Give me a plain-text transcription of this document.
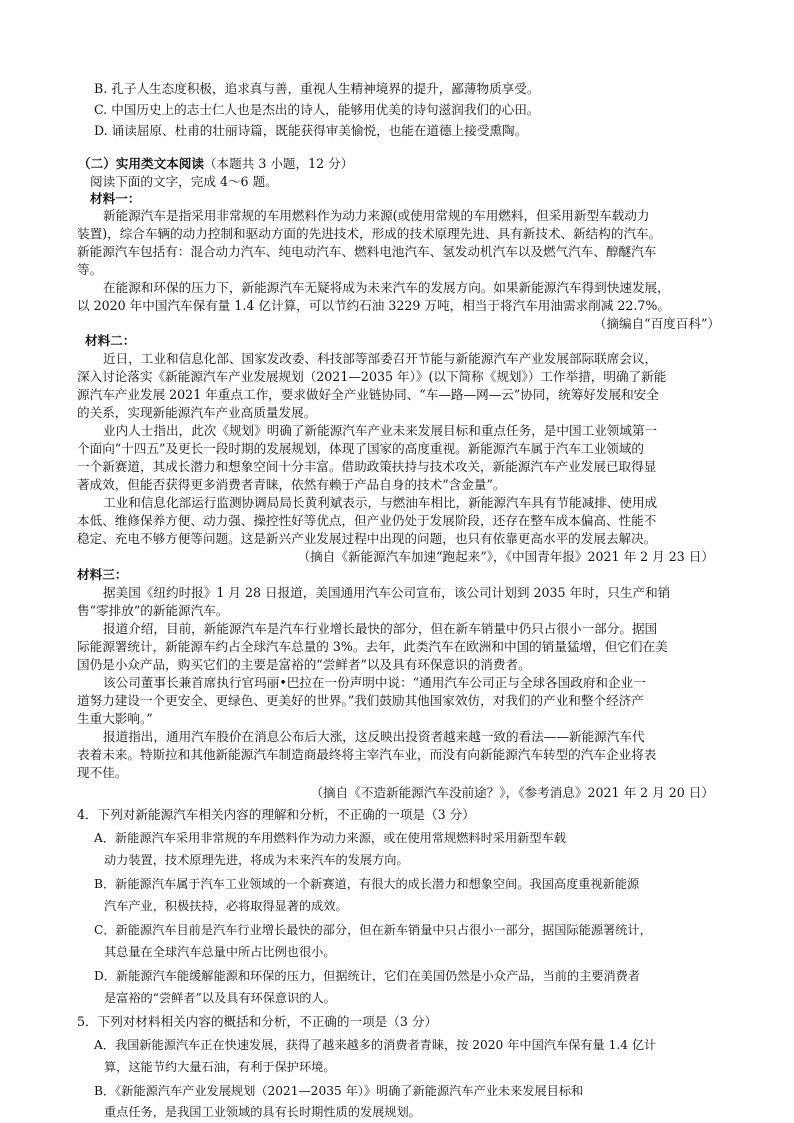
B. 孔子人生态度积极，追求真与善，重视人生精神境界的提升，鄙薄物质享受。
C. 中国历史上的志士仁人也是杰出的诗人，能够用优美的诗句滋润我们的心田。
D. 诵读屈原、杜甫的壮丽诗篇，既能获得审美愉悦，也能在道德上接受熏陶。
（二）实用类文本阅读（本题共 3 小题，12 分）
阅读下面的文字，完成 4～6 题。
材料一：
新能源汽车是指采用非常规的车用燃料作为动力来源(或使用常规的车用燃料，但采用新型车载动力
装置)，综合车辆的动力控制和驱动方面的先进技术，形成的技术原理先进、具有新技术、新结构的汽车。
新能源汽车包括有：混合动力汽车、纯电动汽车、燃料电池汽车、氢发动机汽车以及燃气汽车、醇醚汽车
等。
在能源和环保的压力下，新能源汽车无疑将成为未来汽车的发展方向。如果新能源汽车得到快速发展，
以 2020 年中国汽车保有量 1.4 亿计算，可以节约石油 3229 万吨，相当于将汽车用油需求削减 22.7%。
（摘编自“百度百科”）
材料二：
近日，工业和信息化部、国家发改委、科技部等部委召开节能与新能源汽车产业发展部际联席会议，
深入讨论落实《新能源汽车产业发展规划（2021—2035 年）》(以下简称《规划》）工作举措，明确了新能
源汽车产业发展 2021 年重点工作，要求做好全产业链协同、“车—路—网—云”协同，统筹好发展和安全
的关系，实现新能源汽车产业高质量发展。
业内人士指出，此次《规划》明确了新能源汽车产业未来发展目标和重点任务，是中国工业领域第一
个面向“十四五”及更长一段时期的发展规划，体现了国家的高度重视。新能源汽车属于汽车工业领域的
一个新赛道，其成长潜力和想象空间十分丰富。借助政策扶持与技术攻关，新能源汽车产业发展已取得显
著成效，但能否获得更多消费者青睐，依然有赖于产品自身的技术“含金量”。
工业和信息化部运行监测协调局局长黄利斌表示，与燃油车相比，新能源汽车具有节能减排、使用成
本低、维修保养方便、动力强、操控性好等优点，但产业仍处于发展阶段，还存在整车成本偏高、性能不
稳定、充电不够方便等问题。这是新兴产业发展过程中出现的问题，也只有依靠更高水平的发展去解决。
（摘自《新能源汽车加速“跑起来”》，《中国青年报》2021 年 2 月 23 日）
材料三：
据美国《纽约时报》1 月 28 日报道，美国通用汽车公司宣布，该公司计划到 2035 年时，只生产和销
售“零排放”的新能源汽车。
报道介绍，目前，新能源汽车是汽车行业增长最快的部分，但在新车销量中仍只占很小一部分。据国
际能源署统计，新能源车约占全球汽车总量的 3%。去年，此类汽车在欧洲和中国的销量猛增，但它们在美
国仍是小众产品，购买它们的主要是富裕的“尝鲜者”以及具有环保意识的消费者。
该公司董事长兼首席执行官玛丽•巴拉在一份声明中说：“通用汽车公司正与全球各国政府和企业一
道努力建设一个更安全、更绿色、更美好的世界。”我们鼓励其他国家效仿，对我们的产业和整个经济产
生重大影响。”
报道指出，通用汽车股价在消息公布后大涨，这反映出投资者越来越一致的看法——新能源汽车代
表着未来。特斯拉和其他新能源汽车制造商最终将主宰汽车业，而没有向新能源汽车转型的汽车企业将表
现不佳。
（摘自《不造新能源汽车没前途？》，《参考消息》2021 年 2 月 20 日）
4．下列对新能源汽车相关内容的理解和分析，不正确的一项是（3 分）
A．新能源汽车采用非常规的车用燃料作为动力来源，或在使用常规燃料时采用新型车载
动力装置，技术原理先进，将成为未来汽车的发展方向。
B．新能源汽车属于汽车工业领域的一个新赛道，有很大的成长潜力和想象空间。我国高度重视新能源
汽车产业，积极扶持，必将取得显著的成效。
C．新能源汽车目前是汽车行业增长最快的部分，但在新车销量中只占很小一部分，据国际能源署统计，
其总量在全球汽车总量中所占比例也很小。
D．新能源汽车能缓解能源和环保的压力，但据统计，它们在美国仍然是小众产品，当前的主要消费者
是富裕的“尝鲜者”以及具有环保意识的人。
5．下列对材料相关内容的概括和分析，不正确的一项是（3 分）
A．我国新能源汽车正在快速发展，获得了越来越多的消费者青睐，按 2020 年中国汽车保有量 1.4 亿计
算，这能节约大量石油，有利于保护环境。
B．《新能源汽车产业发展规划（2021—2035 年）》明确了新能源汽车产业未来发展目标和
重点任务，是我国工业领域的具有长时期性质的发展规划。
